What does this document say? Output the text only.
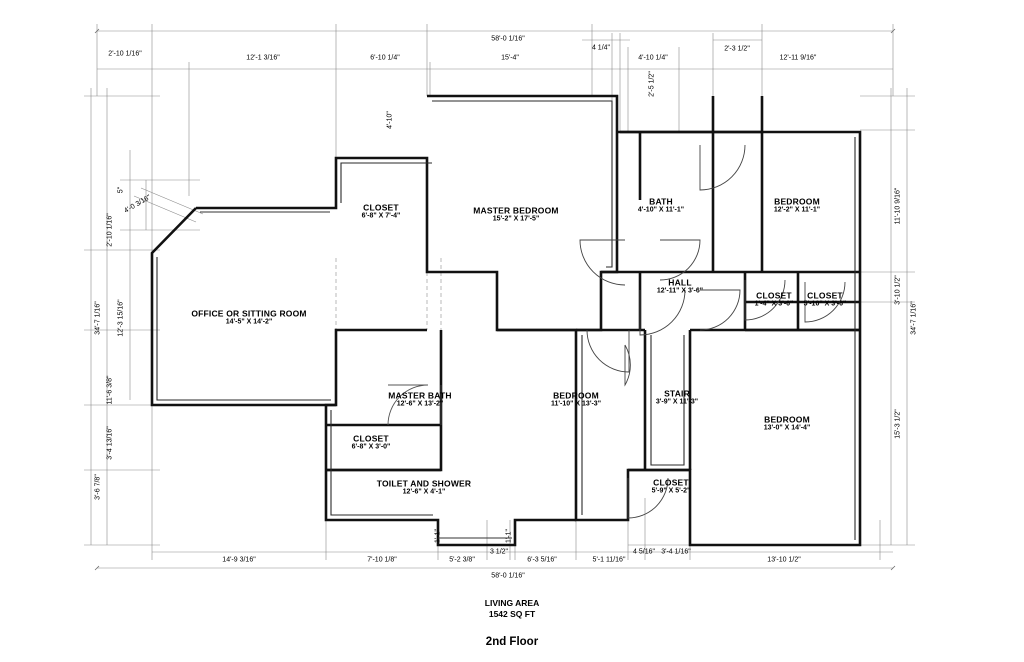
OFFICE OR SITTING ROOM
14'-5" X 14'-2"
CLOSET
6'-8" X 7'-4"
MASTER BEDROOM
15'-2" X 17'-5"
BATH
4'-10" X 11'-1"
BEDROOM
12'-2" X 11'-1"
HALL
12'-11" X 3'-6"	CLOSET
1'-4" X 3'-6"
CLOSET
5'-10" X 3'-6"
MASTER BATH
12'-6" X 13'-2"
CLOSET
6'-8" X 3'-0"
TOILET AND SHOWER
12'-6" X 4'-1"
BEDROOM
11'-10" X 13'-3"
STAIR
3'-9" X 11'-3"
CLOSET
5'-9" X 5'-2"
BEDROOM
13'-0" X 14'-4"
58'-0 1/16"
2'-10 1/16"
12'-1 3/16"	6'-10 1/4"	15'-4"
4 1/4"
4'-10 1/4"
2'-3 1/2"
12'-11 9/16"
14'-9 3/16"	7'-10 1/8"	5'-2 3/8"
3 1/2"
6'-3 5/16"	5'-1 11/16"
4 5/16" 3'-4 1/16"
13'-10 1/2"
58'-0 1/16"
2'-10 1/16"
34'-7 1/16" 12'-3 15/16"
11'-6 3/8"
3'-4 13/16"
3'-6 7/8"
5"
4'-0 3/16"	11'-10 9/16"
34'-7 1/16"
3'-10 1/2"
15'-3 1/2"
4'-10"
2'-5 1/2"
1'-1"	1'-1"
LIVING AREA
1542 SQ FT
2nd Floor
